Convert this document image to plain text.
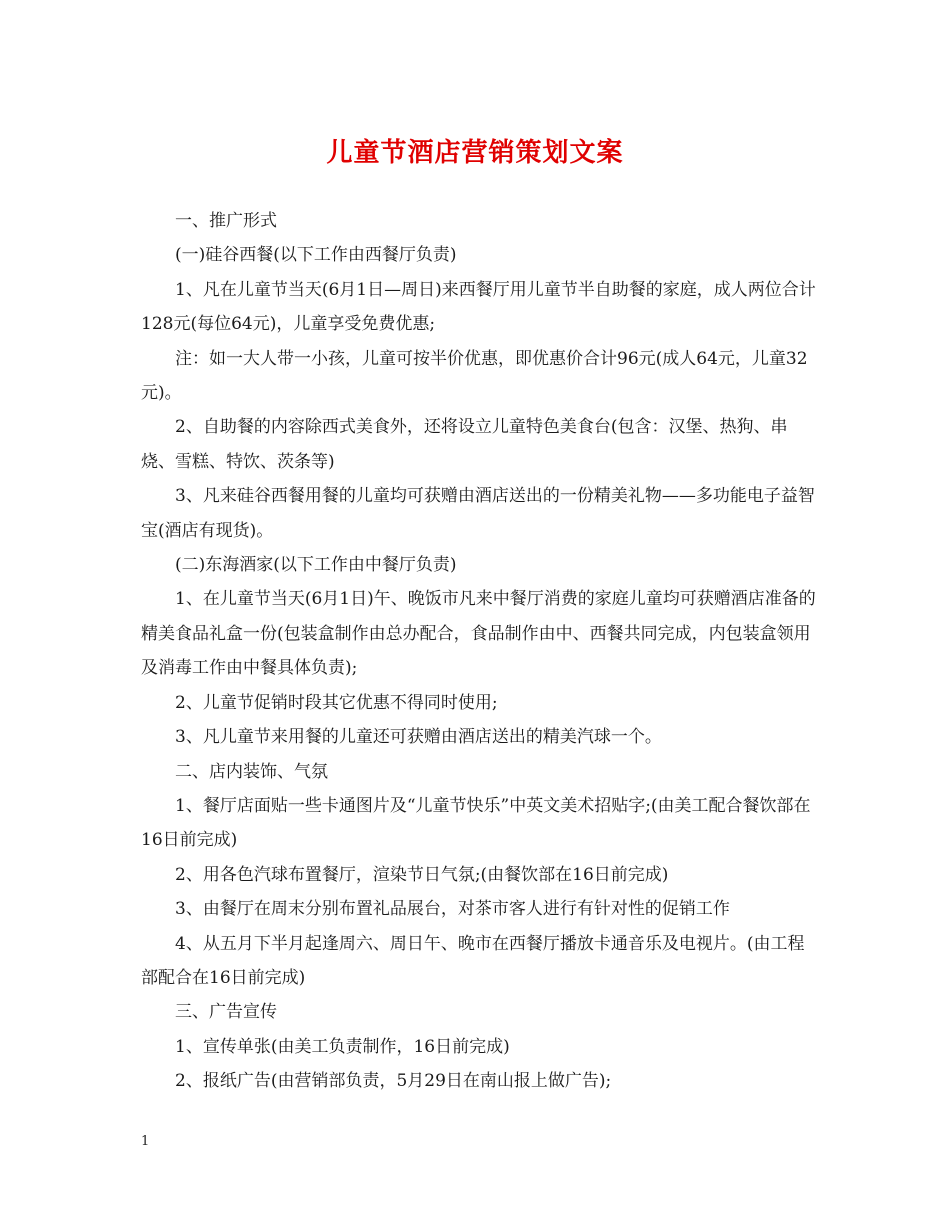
儿童节酒店营销策划文案

一、推广形式

(一)硅谷西餐(以下工作由西餐厅负责)

1、凡在儿童节当天(6月1日—周日)来西餐厅用儿童节半自助餐的家庭，成人两位合计128元(每位64元)，儿童享受免费优惠;

注：如一大人带一小孩，儿童可按半价优惠，即优惠价合计96元(成人64元，儿童32元)。

2、自助餐的内容除西式美食外，还将设立儿童特色美食台(包含：汉堡、热狗、串烧、雪糕、特饮、茨条等)

3、凡来硅谷西餐用餐的儿童均可获赠由酒店送出的一份精美礼物——多功能电子益智宝(酒店有现货)。

(二)东海酒家(以下工作由中餐厅负责)

1、在儿童节当天(6月1日)午、晚饭市凡来中餐厅消费的家庭儿童均可获赠酒店准备的精美食品礼盒一份(包装盒制作由总办配合，食品制作由中、西餐共同完成，内包装盒领用及消毒工作由中餐具体负责);

2、儿童节促销时段其它优惠不得同时使用;

3、凡儿童节来用餐的儿童还可获赠由酒店送出的精美汽球一个。

二、店内装饰、气氛

1、餐厅店面贴一些卡通图片及“儿童节快乐”中英文美术招贴字;(由美工配合餐饮部在16日前完成)

2、用各色汽球布置餐厅，渲染节日气氛;(由餐饮部在16日前完成)

3、由餐厅在周末分别布置礼品展台，对茶市客人进行有针对性的促销工作

4、从五月下半月起逢周六、周日午、晚市在西餐厅播放卡通音乐及电视片。(由工程部配合在16日前完成)

三、广告宣传

1、宣传单张(由美工负责制作，16日前完成)

2、报纸广告(由营销部负责，5月29日在南山报上做广告);

1
